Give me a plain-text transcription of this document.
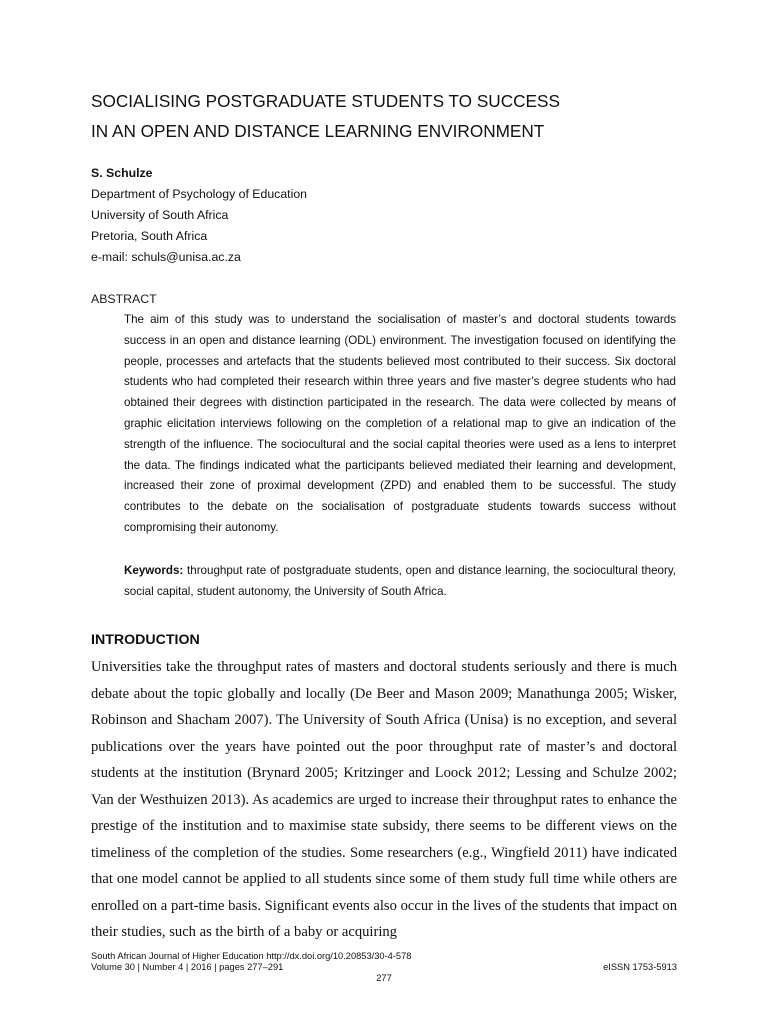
SOCIALISING POSTGRADUATE STUDENTS TO SUCCESS
IN AN OPEN AND DISTANCE LEARNING ENVIRONMENT
S. Schulze
Department of Psychology of Education
University of South Africa
Pretoria, South Africa
e-mail: schuls@unisa.ac.za
ABSTRACT
The aim of this study was to understand the socialisation of master’s and doctoral students towards success in an open and distance learning (ODL) environment. The investigation focused on identifying the people, processes and artefacts that the students believed most contributed to their success. Six doctoral students who had completed their research within three years and five master’s degree students who had obtained their degrees with distinction participated in the research. The data were collected by means of graphic elicitation interviews following on the completion of a relational map to give an indication of the strength of the influence. The sociocultural and the social capital theories were used as a lens to interpret the data. The findings indicated what the participants believed mediated their learning and development, increased their zone of proximal development (ZPD) and enabled them to be successful. The study contributes to the debate on the socialisation of postgraduate students towards success without compromising their autonomy.
Keywords: throughput rate of postgraduate students, open and distance learning, the sociocultural theory, social capital, student autonomy, the University of South Africa.
INTRODUCTION
Universities take the throughput rates of masters and doctoral students seriously and there is much debate about the topic globally and locally (De Beer and Mason 2009; Manathunga 2005; Wisker, Robinson and Shacham 2007). The University of South Africa (Unisa) is no exception, and several publications over the years have pointed out the poor throughput rate of master’s and doctoral students at the institution (Brynard 2005; Kritzinger and Loock 2012; Lessing and Schulze 2002; Van der Westhuizen 2013). As academics are urged to increase their throughput rates to enhance the prestige of the institution and to maximise state subsidy, there seems to be different views on the timeliness of the completion of the studies. Some researchers (e.g., Wingfield 2011) have indicated that one model cannot be applied to all students since some of them study full time while others are enrolled on a part-time basis. Significant events also occur in the lives of the students that impact on their studies, such as the birth of a baby or acquiring
South African Journal of Higher Education http://dx.doi.org/10.20853/30-4-578
Volume 30 | Number 4 | 2016 | pages 277–291	eISSN 1753-5913
277
